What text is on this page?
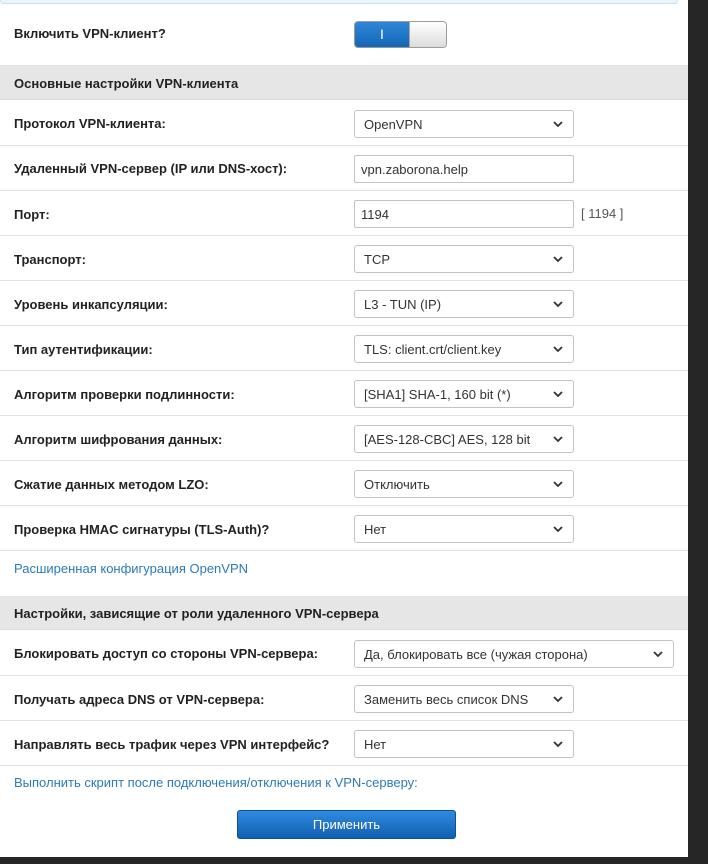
Включить VPN-клиент?	I
Основные настройки VPN-клиента
Протокол VPN-клиента:	OpenVPN
Удаленный VPN-сервер (IP или DNS-хост):	vpn.zaborona.help
Порт:	1194	[ 1194 ]
Транспорт:	TCP
Уровень инкапсуляции:	L3 - TUN (IP)
Тип аутентификации:	TLS: client.crt/client.key
Алгоритм проверки подлинности:	[SHA1] SHA-1, 160 bit (*)
Алгоритм шифрования данных:	[AES-128-CBC] AES, 128 bit
Сжатие данных методом LZO:	Отключить
Проверка HMAC сигнатуры (TLS-Auth)?	Нет
Расширенная конфигурация OpenVPN
Настройки, зависящие от роли удаленного VPN-сервера
Блокировать доступ со стороны VPN-сервера:	Да, блокировать все (чужая сторона)
Получать адреса DNS от VPN-сервера:	Заменить весь список DNS
Направлять весь трафик через VPN интерфейс?	Нет
Выполнить скрипт после подключения/отключения к VPN-серверу:
Применить
